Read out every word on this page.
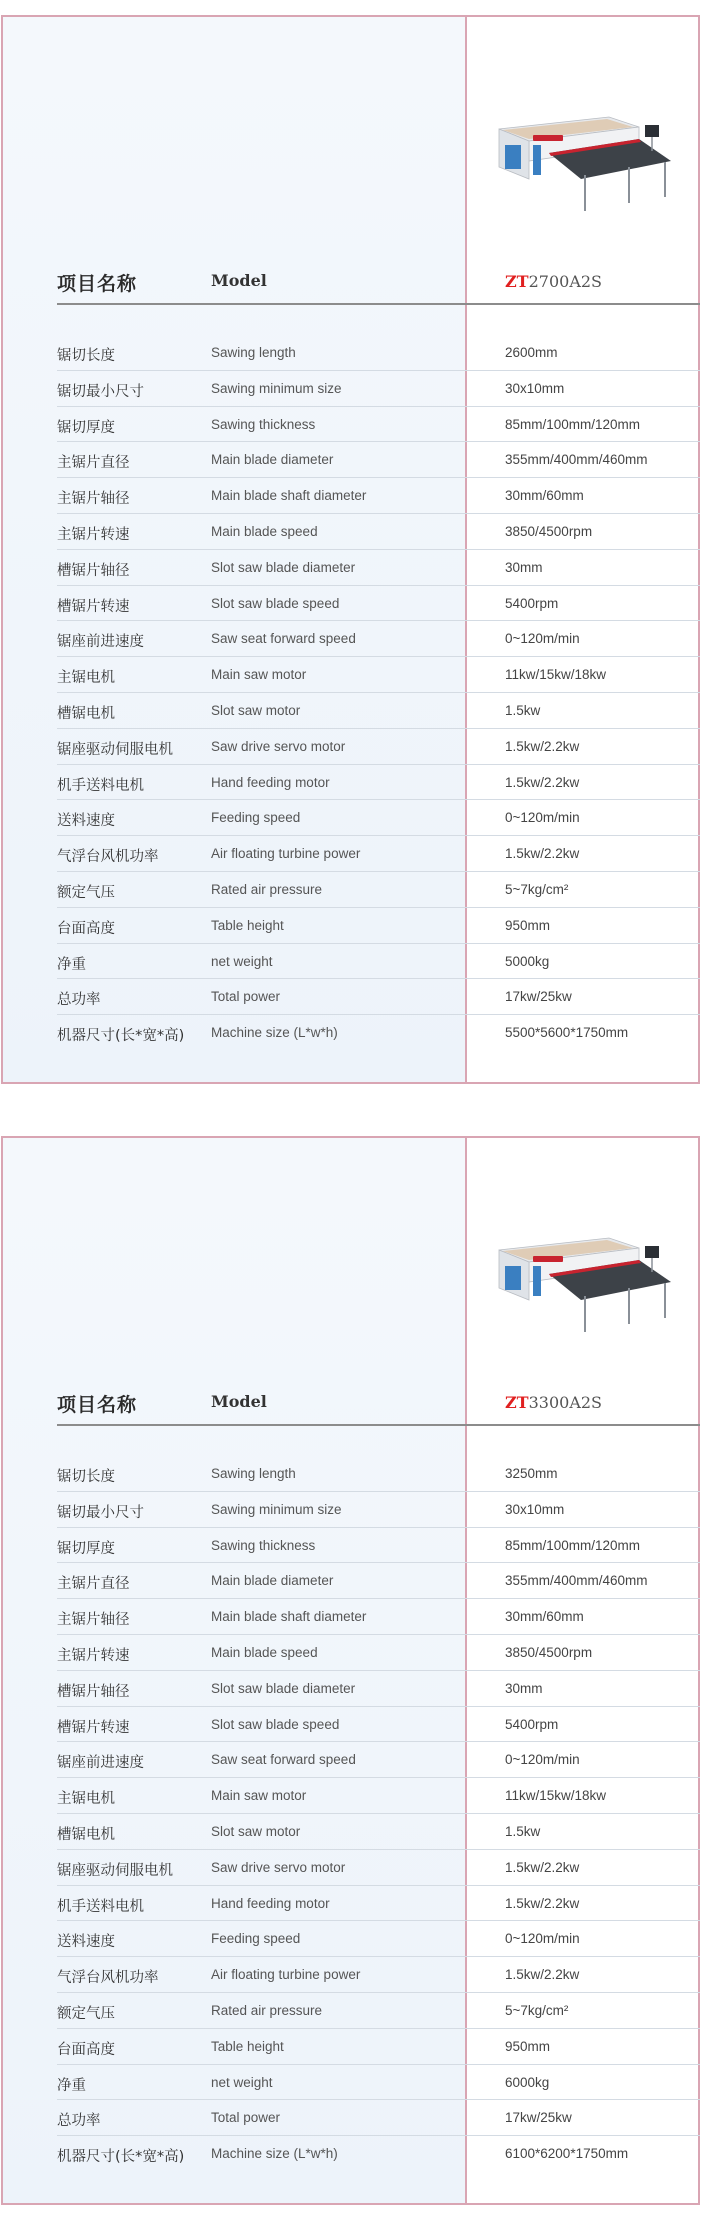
项目名称	Model	ZT2700A2S
锯切长度	Sawing length	2600mm
锯切最小尺寸	Sawing minimum size	30x10mm
锯切厚度	Sawing thickness	85mm/100mm/120mm
主锯片直径	Main blade diameter	355mm/400mm/460mm
主锯片轴径	Main blade shaft diameter	30mm/60mm
主锯片转速	Main blade speed	3850/4500rpm
槽锯片轴径	Slot saw blade diameter	30mm
槽锯片转速	Slot saw blade speed	5400rpm
锯座前进速度	Saw seat forward speed	0~120m/min
主锯电机	Main saw motor	11kw/15kw/18kw
槽锯电机	Slot saw motor	1.5kw
锯座驱动伺服电机	Saw drive servo motor	1.5kw/2.2kw
机手送料电机	Hand feeding motor	1.5kw/2.2kw
送料速度	Feeding speed	0~120m/min
气浮台风机功率	Air floating turbine power	1.5kw/2.2kw
额定气压	Rated air pressure	5~7kg/cm²
台面高度	Table height	950mm
净重	net weight	5000kg
总功率	Total power	17kw/25kw
机器尺寸(长*宽*高) Machine size (L*w*h)	5500*5600*1750mm
项目名称	Model	ZT3300A2S
锯切长度	Sawing length	3250mm
锯切最小尺寸	Sawing minimum size	30x10mm
锯切厚度	Sawing thickness	85mm/100mm/120mm
主锯片直径	Main blade diameter	355mm/400mm/460mm
主锯片轴径	Main blade shaft diameter	30mm/60mm
主锯片转速	Main blade speed	3850/4500rpm
槽锯片轴径	Slot saw blade diameter	30mm
槽锯片转速	Slot saw blade speed	5400rpm
锯座前进速度	Saw seat forward speed	0~120m/min
主锯电机	Main saw motor	11kw/15kw/18kw
槽锯电机	Slot saw motor	1.5kw
锯座驱动伺服电机	Saw drive servo motor	1.5kw/2.2kw
机手送料电机	Hand feeding motor	1.5kw/2.2kw
送料速度	Feeding speed	0~120m/min
气浮台风机功率	Air floating turbine power	1.5kw/2.2kw
额定气压	Rated air pressure	5~7kg/cm²
台面高度	Table height	950mm
净重	net weight	6000kg
总功率	Total power	17kw/25kw
机器尺寸(长*宽*高) Machine size (L*w*h)	6100*6200*1750mm
